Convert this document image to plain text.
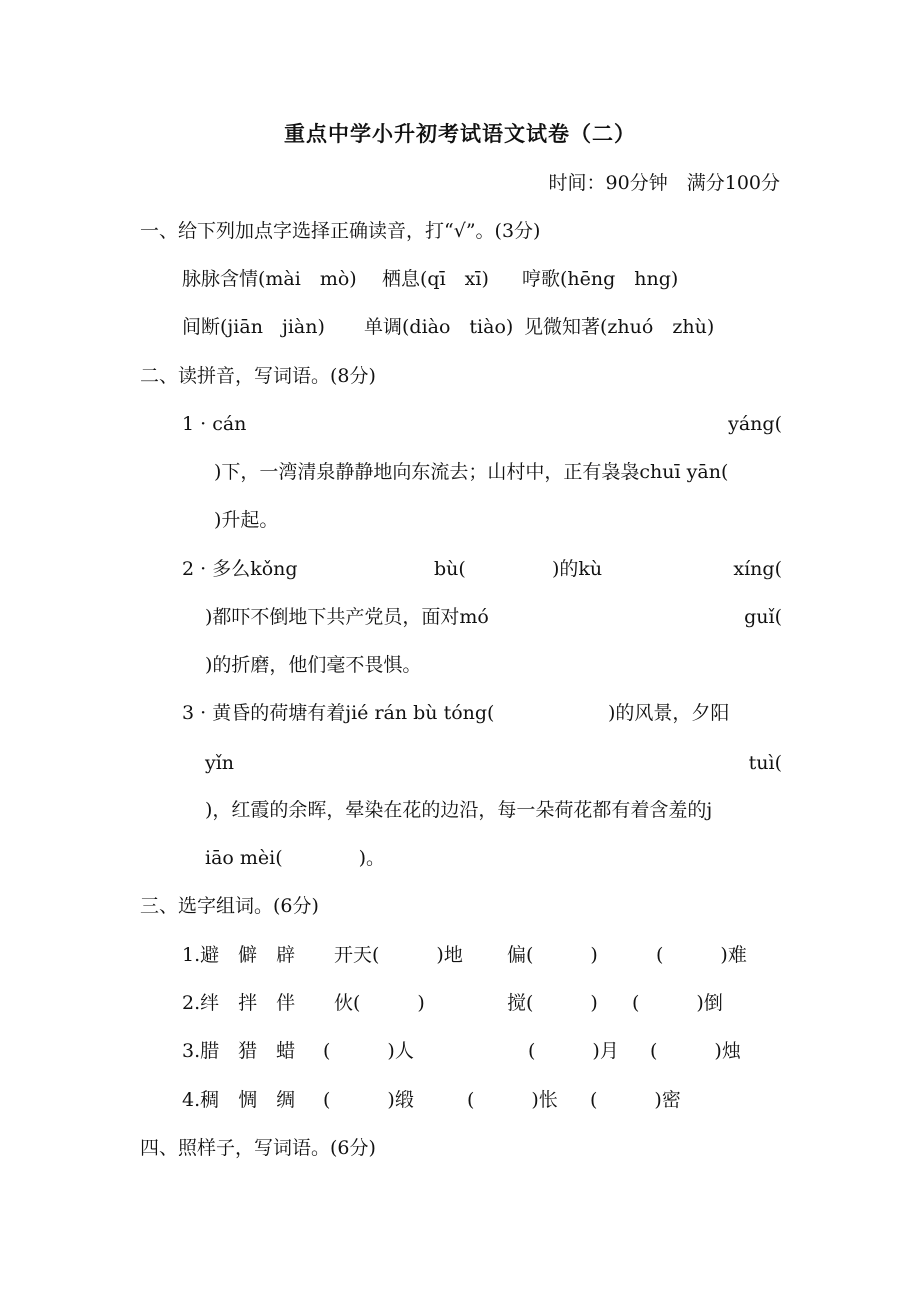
重点中学小升初考试语文试卷（二）
时间：90分钟　满分100分
一、给下列加点字选择正确读音，打“√”。(3分)
脉脉含情(mài　mò) 栖息(qī　xī) 哼歌(hēng　hng)
间断(jiān　jiàn) 单调(diào　tiào) 见微知著(zhuó　zhù)
二、读拼音，写词语。(8分)
1 · cán	yáng(
)下，一湾清泉静静地向东流去；山村中，正有袅袅chuī yān(
)升起。
2 · 多么kǒng	bù(	)的kù	xíng(
)都吓不倒地下共产党员，面对mó	guǐ(
)的折磨，他们毫不畏惧。
3 · 黄昏的荷塘有着jié rán bù tóng(	)的风景，夕阳
yǐn	tuì(
)，红霞的余晖，晕染在花的边沿，每一朵荷花都有着含羞的j
iāo mèi(　　　　)。
三、选字组词。(6分)
1.避　僻　辟 开天(　　　)地 偏(　　　)	(　　　)难
2.绊　拌　伴 伙(　　　)	搅(　　　) (　　　)倒
3.腊　猎　蜡 (　　　)人	(　　　)月 (　　　)烛
4.稠　惆　绸 (　　　)缎	(　　　)怅 (　　　)密
四、照样子，写词语。(6分)
